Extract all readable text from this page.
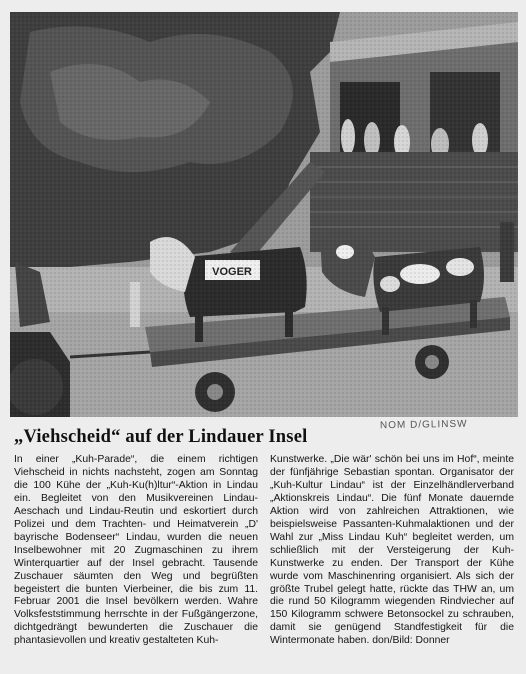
NOM D/GLINSW
„Viehscheid“ auf der Lindauer Insel

In einer „Kuh-Parade“, die einem richtigen Viehscheid in nichts nachsteht, zogen am Sonntag die 100 Kühe der „Kuh-Ku(h)ltur“-Aktion in Lindau ein. Begleitet von den Musikvereinen Lindau-Aeschach und Lindau-Reutin und eskortiert durch Polizei und dem Trachten- und Heimatverein „D' bayrische Bodenseer“ Lindau, wurden die neuen Inselbewohner mit 20 Zugmaschinen zu ihrem Winterquartier auf der Insel gebracht. Tausende Zuschauer säumten den Weg und begrüßten begeistert die bunten Vierbeiner, die bis zum 11. Februar 2001 die Insel bevölkern werden. Wahre Volksfeststimmung herrschte in der Fußgängerzone, dichtgedrängt bewunderten die Zuschauer die phantasievollen und kreativ gestalteten Kuh-

Kunstwerke. „Die wär' schön bei uns im Hof“, meinte der fünfjährige Sebastian spontan. Organisator der „Kuh-Kultur Lindau“ ist der Einzelhändlerverband „Aktionskreis Lindau“. Die fünf Monate dauernde Aktion wird von zahlreichen Attraktionen, wie beispielsweise Passanten-Kuhmalaktionen und der Wahl zur „Miss Lindau Kuh“ begleitet werden, um schließlich mit der Versteigerung der Kuh-Kunstwerke zu enden. Der Transport der Kühe wurde vom Maschinenring organisiert. Als sich der größte Trubel gelegt hatte, rückte das THW an, um die rund 50 Kilogramm wiegenden Rindviecher auf 150 Kilogramm schwere Betonsockel zu schrauben, damit sie genügend Standfestigkeit für die Wintermonate haben. don/Bild: Donner
